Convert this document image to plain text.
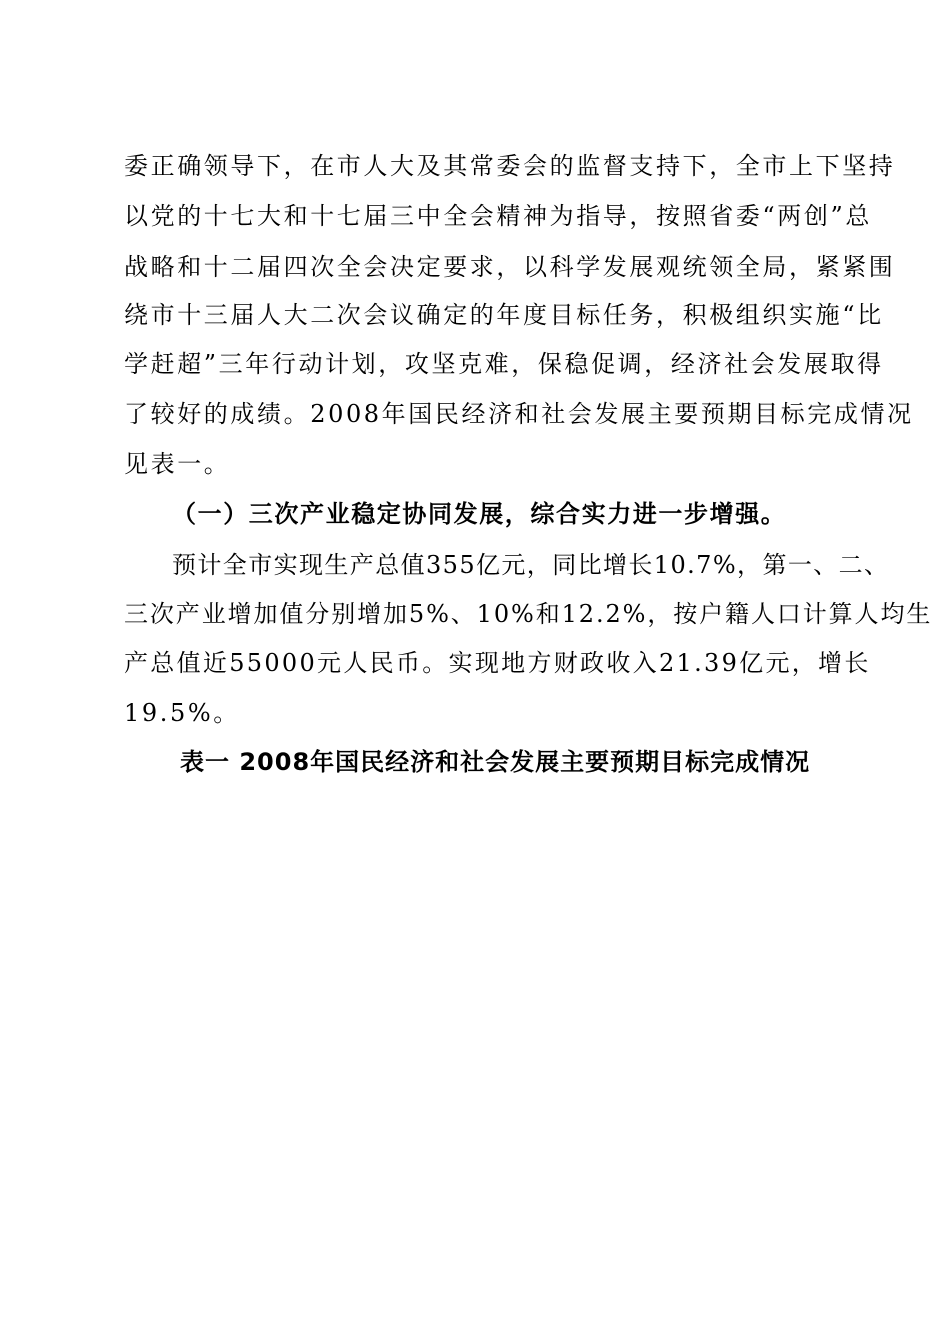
委正确领导下，在市人大及其常委会的监督支持下，全市上下坚持
以党的十七大和十七届三中全会精神为指导，按照省委“两创”总
战略和十二届四次全会决定要求，以科学发展观统领全局，紧紧围
绕市十三届人大二次会议确定的年度目标任务，积极组织实施“比
学赶超”三年行动计划，攻坚克难，保稳促调，经济社会发展取得
了较好的成绩。2008年国民经济和社会发展主要预期目标完成情况
见表一。
（一）三次产业稳定协同发展，综合实力进一步增强。
预计全市实现生产总值355亿元，同比增长10.7%，第一、二、
三次产业增加值分别增加5%、10%和12.2%，按户籍人口计算人均生
产总值近55000元人民币。实现地方财政收入21.39亿元，增长
19.5%。
表一 2008年国民经济和社会发展主要预期目标完成情况
